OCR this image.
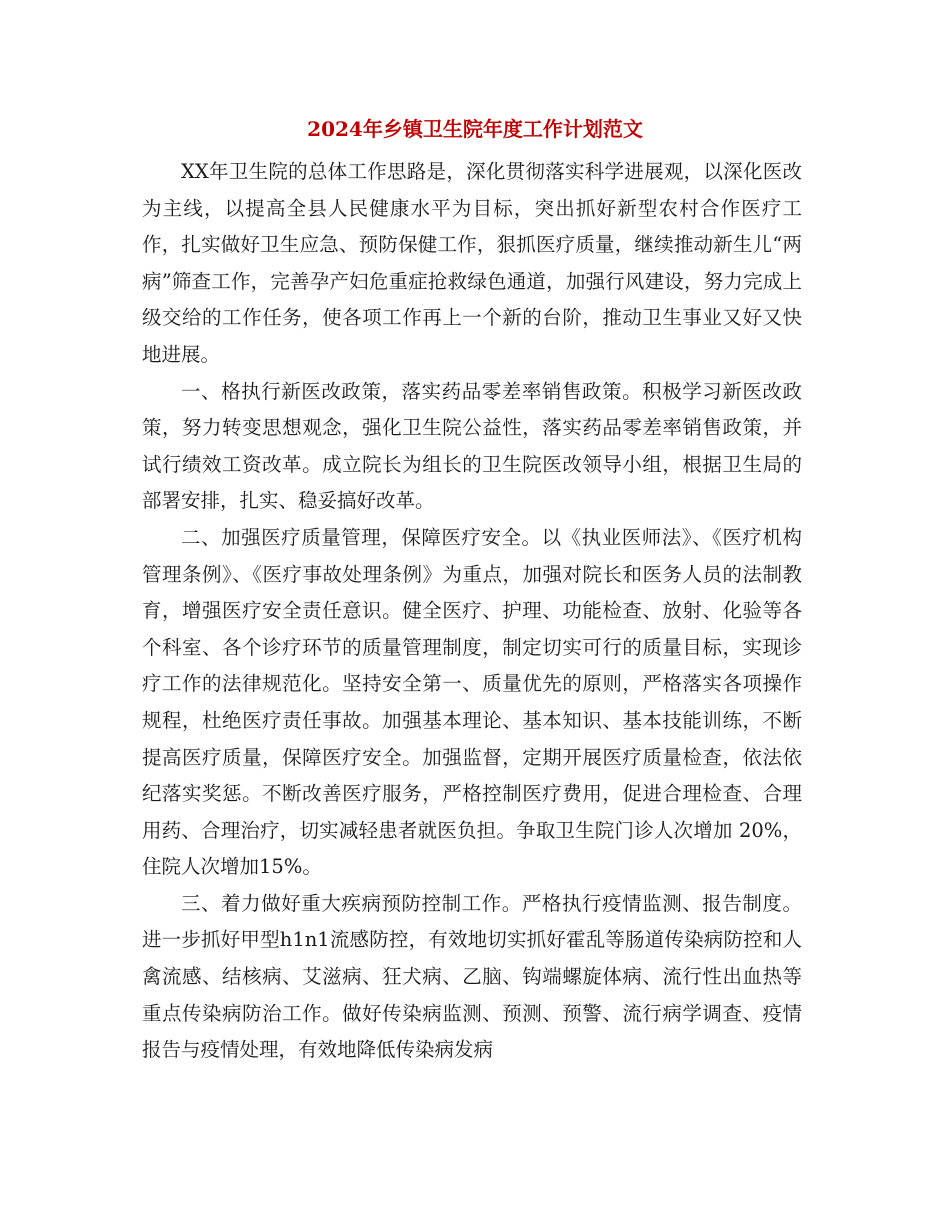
2024年乡镇卫生院年度工作计划范文

XX年卫生院的总体工作思路是，深化贯彻落实科学进展观，以深化医改为主线，以提高全县人民健康水平为目标，突出抓好新型农村合作医疗工作，扎实做好卫生应急、预防保健工作，狠抓医疗质量，继续推动新生儿“两病”筛查工作，完善孕产妇危重症抢救绿色通道，加强行风建设，努力完成上级交给的工作任务，使各项工作再上一个新的台阶，推动卫生事业又好又快地进展。

一、格执行新医改政策，落实药品零差率销售政策。积极学习新医改政策，努力转变思想观念，强化卫生院公益性，落实药品零差率销售政策，并试行绩效工资改革。成立院长为组长的卫生院医改领导小组，根据卫生局的部署安排，扎实、稳妥搞好改革。

二、加强医疗质量管理，保障医疗安全。以《执业医师法》、《医疗机构管理条例》、《医疗事故处理条例》为重点，加强对院长和医务人员的法制教育，增强医疗安全责任意识。健全医疗、护理、功能检查、放射、化验等各个科室、各个诊疗环节的质量管理制度，制定切实可行的质量目标，实现诊疗工作的法律规范化。坚持安全第一、质量优先的原则，严格落实各项操作规程，杜绝医疗责任事故。加强基本理论、基本知识、基本技能训练，不断提高医疗质量，保障医疗安全。加强监督，定期开展医疗质量检查，依法依纪落实奖惩。不断改善医疗服务，严格控制医疗费用，促进合理检查、合理用药、合理治疗，切实减轻患者就医负担。争取卫生院门诊人次增加 20%，住院人次增加15%。

三、着力做好重大疾病预防控制工作。严格执行疫情监测、报告制度。进一步抓好甲型h1n1流感防控，有效地切实抓好霍乱等肠道传染病防控和人禽流感、结核病、艾滋病、狂犬病、乙脑、钩端螺旋体病、流行性出血热等重点传染病防治工作。做好传染病监测、预测、预警、流行病学调查、疫情报告与疫情处理，有效地降低传染病发病
